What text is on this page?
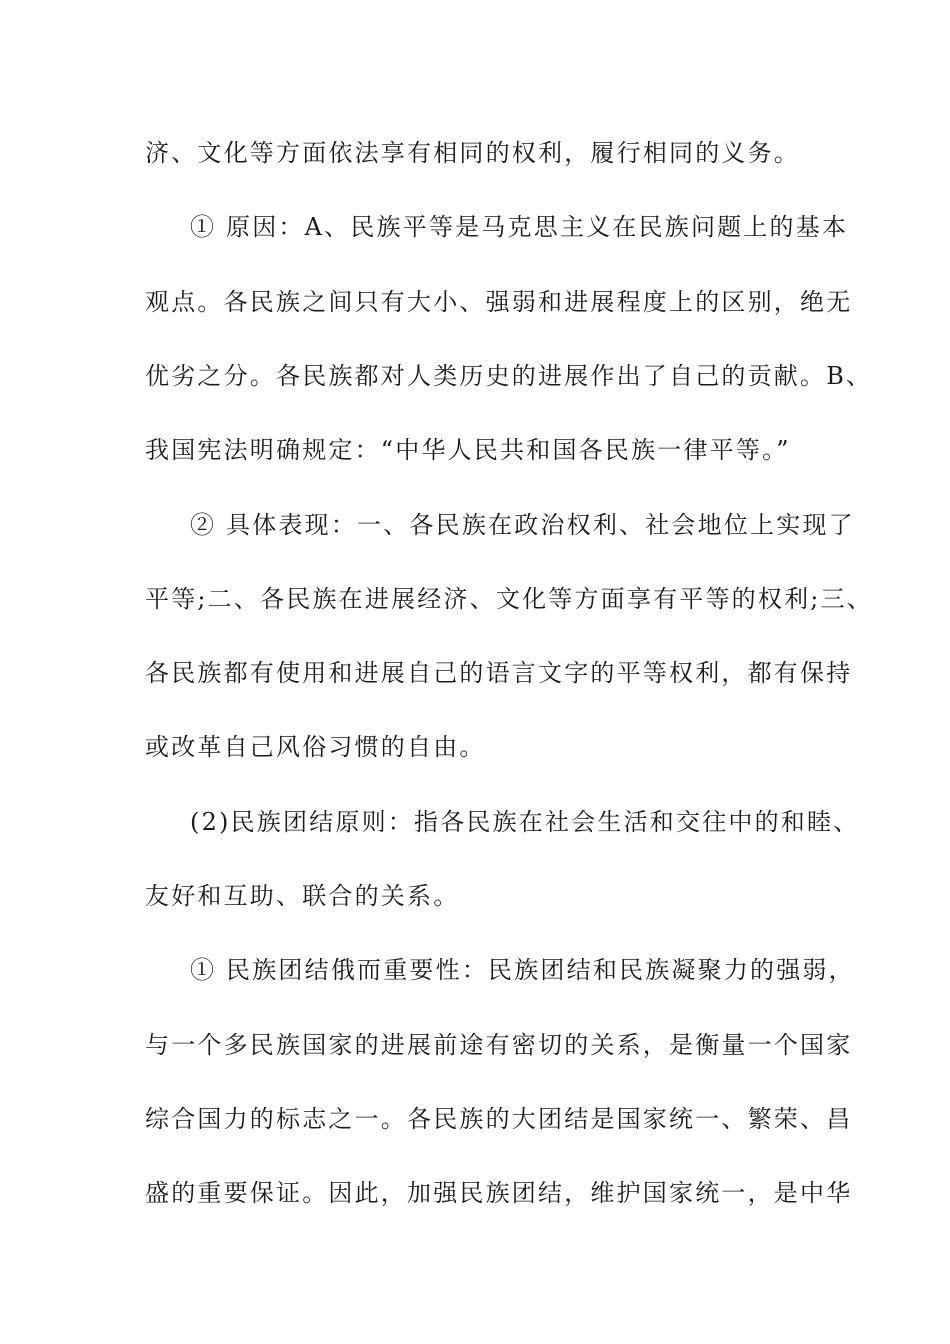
济、文化等方面依法享有相同的权利，履行相同的义务。
① 原因：A、民族平等是马克思主义在民族问题上的基本
观点。各民族之间只有大小、强弱和进展程度上的区别，绝无
优劣之分。各民族都对人类历史的进展作出了自己的贡献。B、
我国宪法明确规定：“中华人民共和国各民族一律平等。”
② 具体表现：一、各民族在政治权利、社会地位上实现了
平等;二、各民族在进展经济、文化等方面享有平等的权利;三、
各民族都有使用和进展自己的语言文字的平等权利，都有保持
或改革自己风俗习惯的自由。
(2)民族团结原则：指各民族在社会生活和交往中的和睦、
友好和互助、联合的关系。
① 民族团结俄而重要性：民族团结和民族凝聚力的强弱，
与一个多民族国家的进展前途有密切的关系，是衡量一个国家
综合国力的标志之一。各民族的大团结是国家统一、繁荣、昌
盛的重要保证。因此，加强民族团结，维护国家统一，是中华
